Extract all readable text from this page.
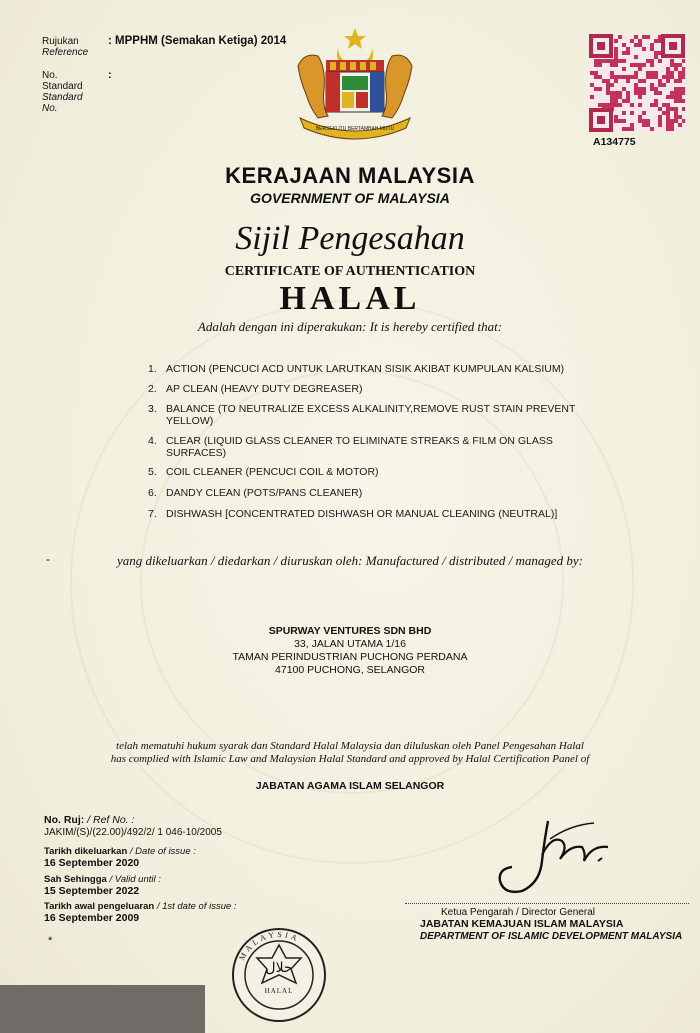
Rujukan
Reference
: MPPHM (Semakan Ketiga) 2014
No. Standard
Standard No.
:
BERSEKUTU BERTAMBAH MUTU
A134775
KERAJAAN MALAYSIA
GOVERNMENT OF MALAYSIA
Sijil Pengesahan
CERTIFICATE OF AUTHENTICATION
HALAL
Adalah dengan ini diperakukan: It is hereby certified that:
1. ACTION (PENCUCI ACD UNTUK LARUTKAN SISIK AKIBAT KUMPULAN KALSIUM)
2. AP CLEAN (HEAVY DUTY DEGREASER)
3. BALANCE (TO NEUTRALIZE EXCESS ALKALINITY,REMOVE RUST STAIN PREVENT YELLOW)
4. CLEAR (LIQUID GLASS CLEANER TO ELIMINATE STREAKS & FILM ON GLASS SURFACES)
5. COIL CLEANER (PENCUCI COIL & MOTOR)
6. DANDY CLEAN (POTS/PANS CLEANER)
7. DISHWASH [CONCENTRATED DISHWASH OR MANUAL CLEANING (NEUTRAL)]
-	yang dikeluarkan / diedarkan / diuruskan oleh: Manufactured / distributed / managed by:
SPURWAY VENTURES SDN BHD
33, JALAN UTAMA 1/16
TAMAN PERINDUSTRIAN PUCHONG PERDANA
47100 PUCHONG, SELANGOR
telah mematuhi hukum syarak dan Standard Halal Malaysia dan diluluskan oleh Panel Pengesahan Halal
has complied with Islamic Law and Malaysian Halal Standard and approved by Halal Certification Panel of
JABATAN AGAMA ISLAM SELANGOR
No. Ruj: / Ref No. :
JAKIM/(S)/(22.00)/492/2/ 1 046-10/2005
Tarikh dikeluarkan / Date of issue :
16 September 2020
Sah Sehingga / Valid until :
15 September 2022
Tarikh awal pengeluaran / 1st date of issue :
16 September 2009
*
Ketua Pengarah / Director General
JABATAN KEMAJUAN ISLAM MALAYSIA
DEPARTMENT OF ISLAMIC DEVELOPMENT MALAYSIA
MALAYSIA
حلال
HALAL
